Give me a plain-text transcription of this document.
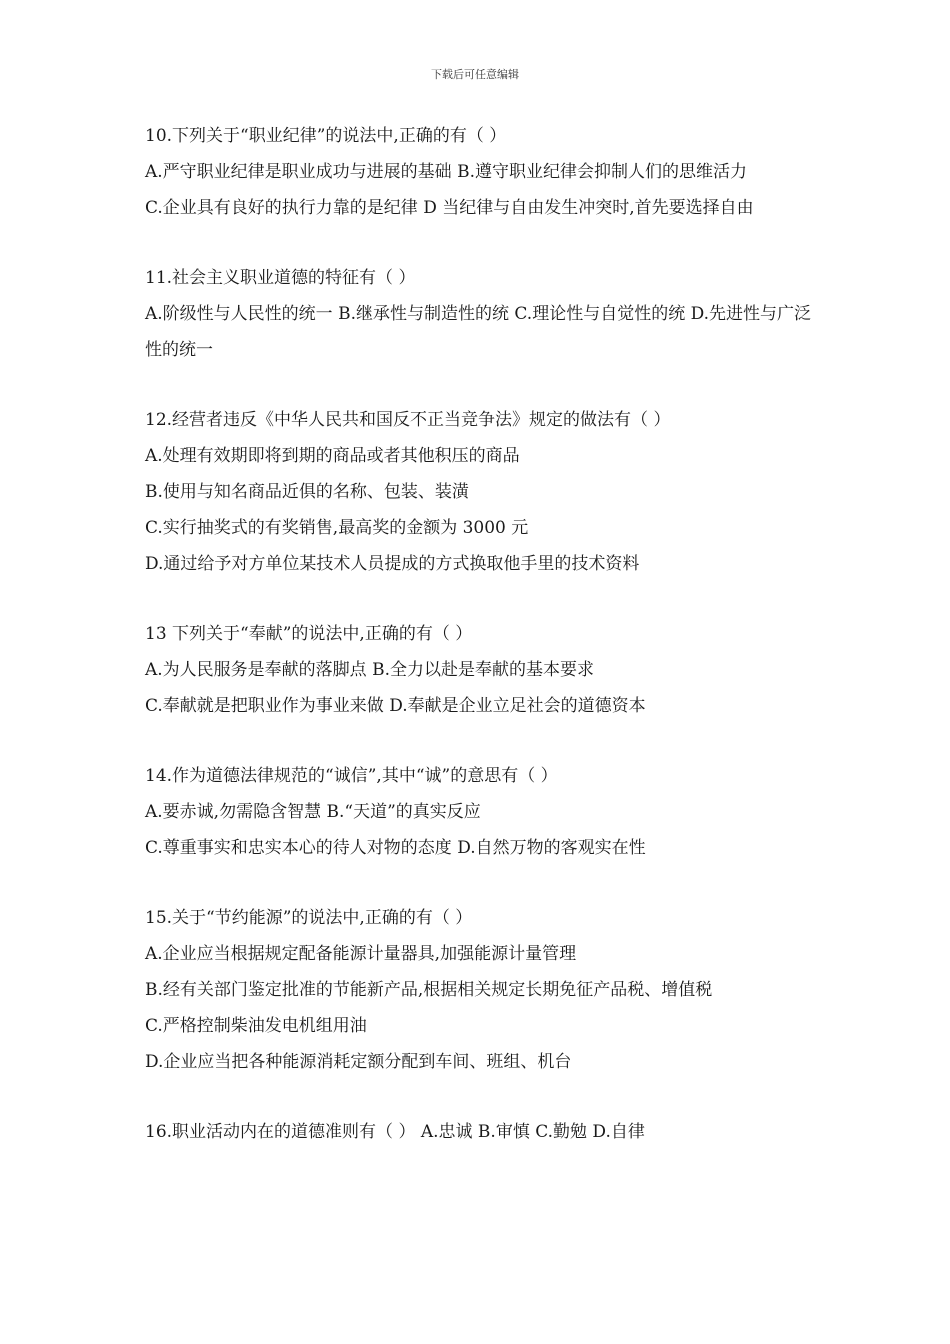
下载后可任意编辑
10.下列关于“职业纪律”的说法中,正确的有（ ）
A.严守职业纪律是职业成功与进展的基础 B.遵守职业纪律会抑制人们的思维活力
C.企业具有良好的执行力靠的是纪律 D 当纪律与自由发生冲突时,首先要选择自由
11.社会主义职业道德的特征有（ ）
A.阶级性与人民性的统一 B.继承性与制造性的统 C.理论性与自觉性的统 D.先进性与广泛性的统一
12.经营者违反《中华人民共和国反不正当竞争法》规定的做法有（ ）
A.处理有效期即将到期的商品或者其他积压的商品
B.使用与知名商品近俱的名称、包装、装潢
C.实行抽奖式的有奖销售,最高奖的金额为 3000 元
D.通过给予对方单位某技术人员提成的方式换取他手里的技术资料
13 下列关于“奉献”的说法中,正确的有（ ）
A.为人民服务是奉献的落脚点 B.全力以赴是奉献的基本要求
C.奉献就是把职业作为事业来做 D.奉献是企业立足社会的道德资本
14.作为道德法律规范的“诚信”,其中“诚”的意思有（ ）
A.要赤诚,勿需隐含智慧 B.“天道”的真实反应
C.尊重事实和忠实本心的待人对物的态度 D.自然万物的客观实在性
15.关于“节约能源”的说法中,正确的有（ ）
A.企业应当根据规定配备能源计量器具,加强能源计量管理
B.经有关部门鉴定批准的节能新产品,根据相关规定长期免征产品税、增值税
C.严格控制柴油发电机组用油
D.企业应当把各种能源消耗定额分配到车间、班组、机台
16.职业活动内在的道德准则有（ ） A.忠诚 B.审慎 C.勤勉 D.自律
